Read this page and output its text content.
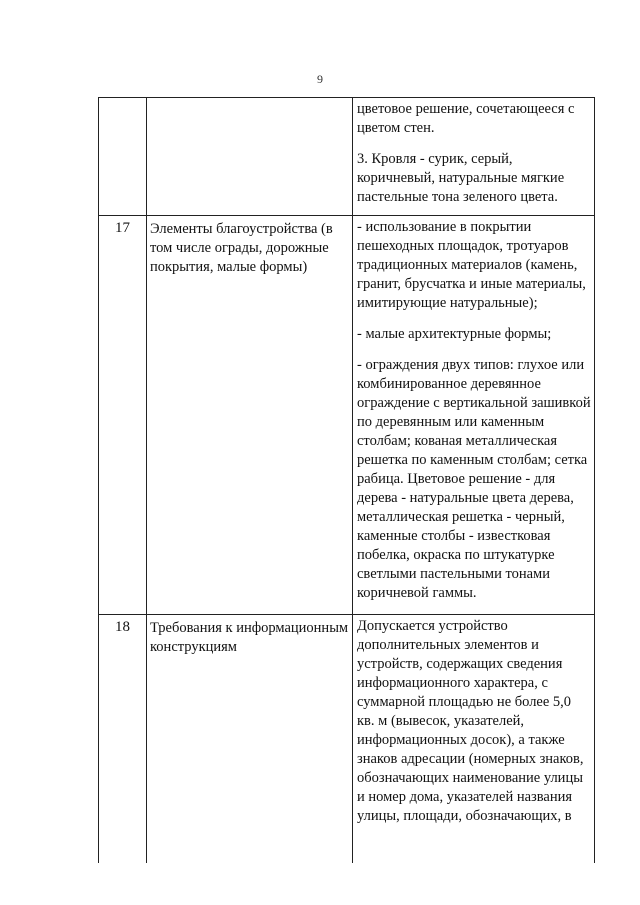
9

		цветовое решение, сочетающееся с цветом стен.

3. Кровля - сурик, серый, коричневый, натуральные мягкие пастельные тона зеленого цвета.

17	Элементы благоустройства (в том числе ограды, дорожные покрытия, малые формы)	- использование в покрытии пешеходных площадок, тротуаров традиционных материалов (камень, гранит, брусчатка и иные материалы, имитирующие натуральные);

- малые архитектурные формы;

- ограждения двух типов: глухое или комбинированное деревянное ограждение с вертикальной зашивкой по деревянным или каменным столбам; кованая металлическая решетка по каменным столбам; сетка рабица. Цветовое решение - для дерева - натуральные цвета дерева, металлическая решетка - черный, каменные столбы - известковая побелка, окраска по штукатурке светлыми пастельными тонами коричневой гаммы.

18	Требования к информационным конструкциям	Допускается устройство дополнительных элементов и устройств, содержащих сведения информационного характера, с суммарной площадью не более 5,0 кв. м (вывесок, указателей, информационных досок), а также знаков адресации (номерных знаков, обозначающих наименование улицы и номер дома, указателей названия улицы, площади, обозначающих, в
